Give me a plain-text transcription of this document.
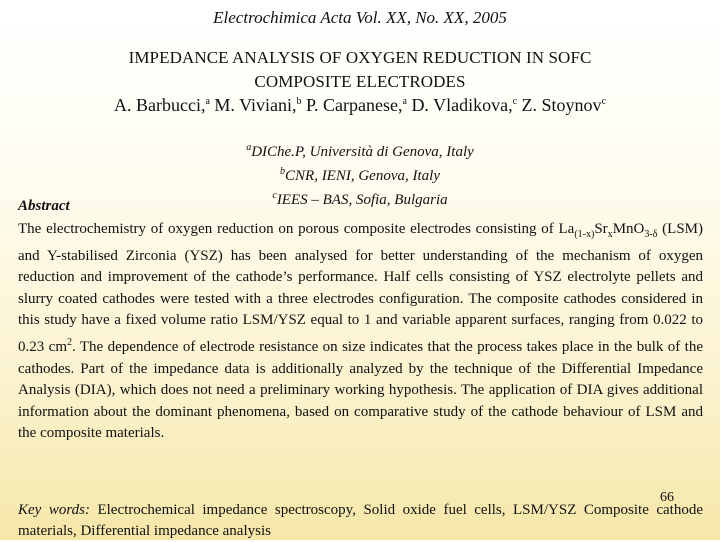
Electrochimica Acta Vol. XX, No. XX, 2005
IMPEDANCE ANALYSIS OF OXYGEN REDUCTION IN SOFC
COMPOSITE ELECTRODES
A. Barbucci,$^a$ M. Viviani,$^b$ P. Carpanese,$^a$ D. Vladikova,$^c$ Z. Stoynov$^c$
$^a$DIChe.P, Università di Genova, Italy
$^b$CNR, IENI, Genova, Italy
$^c$IEES – BAS, Sofia, Bulgaria
Abstract
The electrochemistry of oxygen reduction on porous composite electrodes consisting of $La_{(1-x)}Sr_xMnO_{3-\delta}$ (LSM) and Y-stabilised Zirconia (YSZ) has been analysed for better understanding of the mechanism of oxygen reduction and improvement of the cathode’s performance. Half cells consisting of YSZ electrolyte pellets and slurry coated cathodes were tested with a three electrodes configuration. The composite cathodes considered in this study have a fixed volume ratio LSM/YSZ equal to 1 and variable apparent surfaces, ranging from 0.022 to 0.23 $cm^2$. The dependence of electrode resistance on size indicates that the process takes place in the bulk of the cathodes. Part of the impedance data is additionally analyzed by the technique of the Differential Impedance Analysis (DIA), which does not need a preliminary working hypothesis. The application of DIA gives additional information about the dominant phenomena, based on comparative study of the cathode behaviour of LSM and the composite materials.
66
Key words: Electrochemical impedance spectroscopy, Solid oxide fuel cells, LSM/YSZ Composite cathode materials, Differential impedance analysis
